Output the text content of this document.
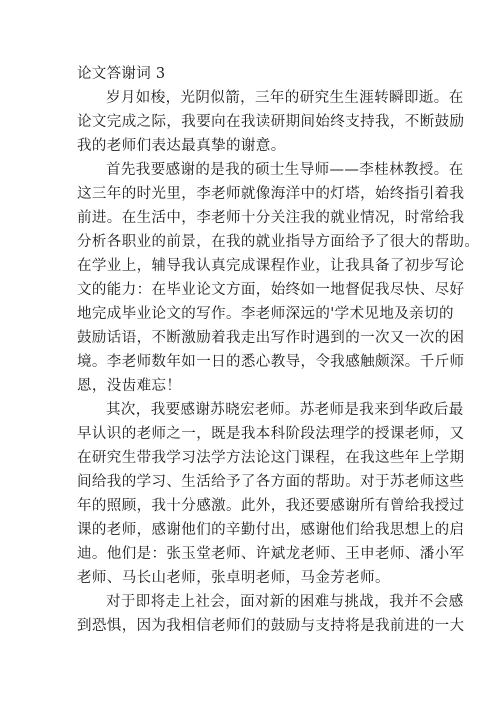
论文答谢词 3

岁月如梭，光阴似箭，三年的研究生生涯转瞬即逝。在
论文完成之际，我要向在我读研期间始终支持我，不断鼓励
我的老师们表达最真挚的谢意。

首先我要感谢的是我的硕士生导师——李桂林教授。在
这三年的时光里，李老师就像海洋中的灯塔，始终指引着我
前进。在生活中，李老师十分关注我的就业情况，时常给我
分析各职业的前景，在我的就业指导方面给予了很大的帮助。
在学业上，辅导我认真完成课程作业，让我具备了初步写论
文的能力：在毕业论文方面，始终如一地督促我尽快、尽好
地完成毕业论文的写作。李老师深远的'学术见地及亲切的
鼓励话语，不断激励着我走出写作时遇到的一次又一次的困
境。李老师数年如一日的悉心教导，令我感触颇深。千斤师
恩，没齿难忘！

其次，我要感谢苏晓宏老师。苏老师是我来到华政后最
早认识的老师之一，既是我本科阶段法理学的授课老师，又
在研究生带我学习法学方法论这门课程，在我这些年上学期
间给我的学习、生活给予了各方面的帮助。对于苏老师这些
年的照顾，我十分感激。此外，我还要感谢所有曾给我授过
课的老师，感谢他们的辛勤付出，感谢他们给我思想上的启
迪。他们是：张玉堂老师、许斌龙老师、王申老师、潘小军
老师、马长山老师，张卓明老师，马金芳老师。

对于即将走上社会，面对新的困难与挑战，我并不会感
到恐惧，因为我相信老师们的鼓励与支持将是我前进的一大
